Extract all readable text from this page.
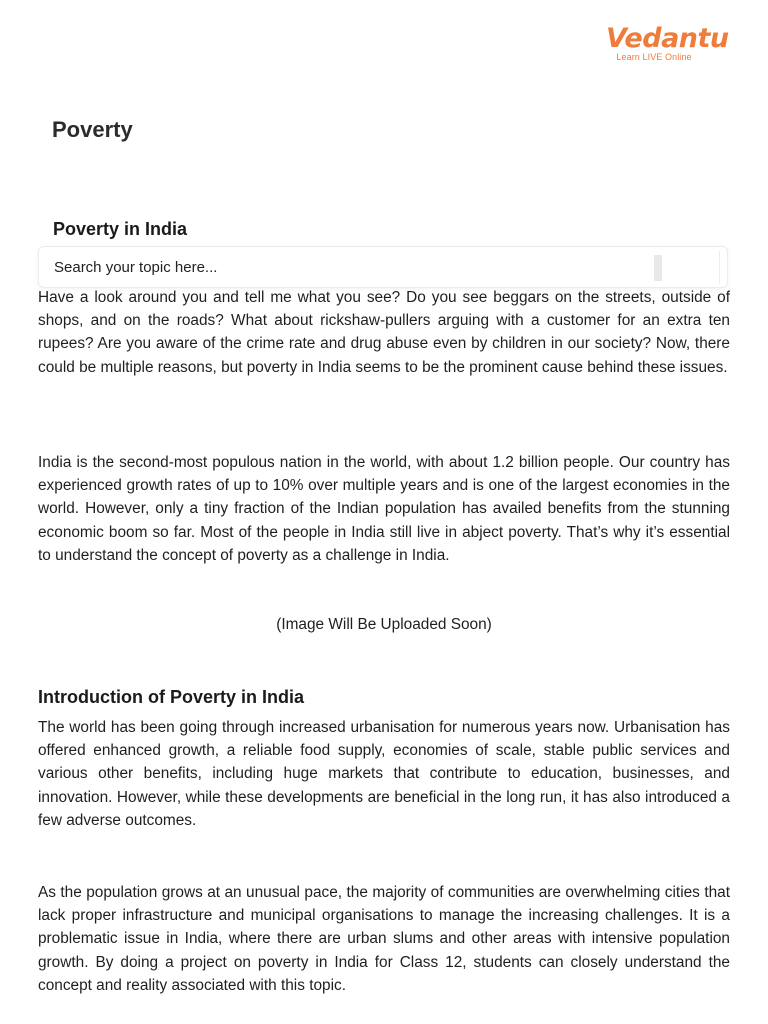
Vedantu
Learn LIVE Online
Poverty
Poverty in India
Search your topic here...

Have a look around you and tell me what you see? Do you see beggars on the streets, outside of shops, and on the roads? What about rickshaw-pullers arguing with a customer for an extra ten rupees? Are you aware of the crime rate and drug abuse even by children in our society? Now, there could be multiple reasons, but poverty in India seems to be the prominent cause behind these issues.

India is the second-most populous nation in the world, with about 1.2 billion people. Our country has experienced growth rates of up to 10% over multiple years and is one of the largest economies in the world. However, only a tiny fraction of the Indian population has availed benefits from the stunning economic boom so far. Most of the people in India still live in abject poverty. That’s why it’s essential to understand the concept of poverty as a challenge in India.

(Image Will Be Uploaded Soon)

Introduction of Poverty in India

The world has been going through increased urbanisation for numerous years now. Urbanisation has offered enhanced growth, a reliable food supply, economies of scale, stable public services and various other benefits, including huge markets that contribute to education, businesses, and innovation. However, while these developments are beneficial in the long run, it has also introduced a few adverse outcomes.

As the population grows at an unusual pace, the majority of communities are overwhelming cities that lack proper infrastructure and municipal organisations to manage the increasing challenges. It is a problematic issue in India, where there are urban slums and other areas with intensive population growth. By doing a project on poverty in India for Class 12, students can closely understand the concept and reality associated with this topic.
